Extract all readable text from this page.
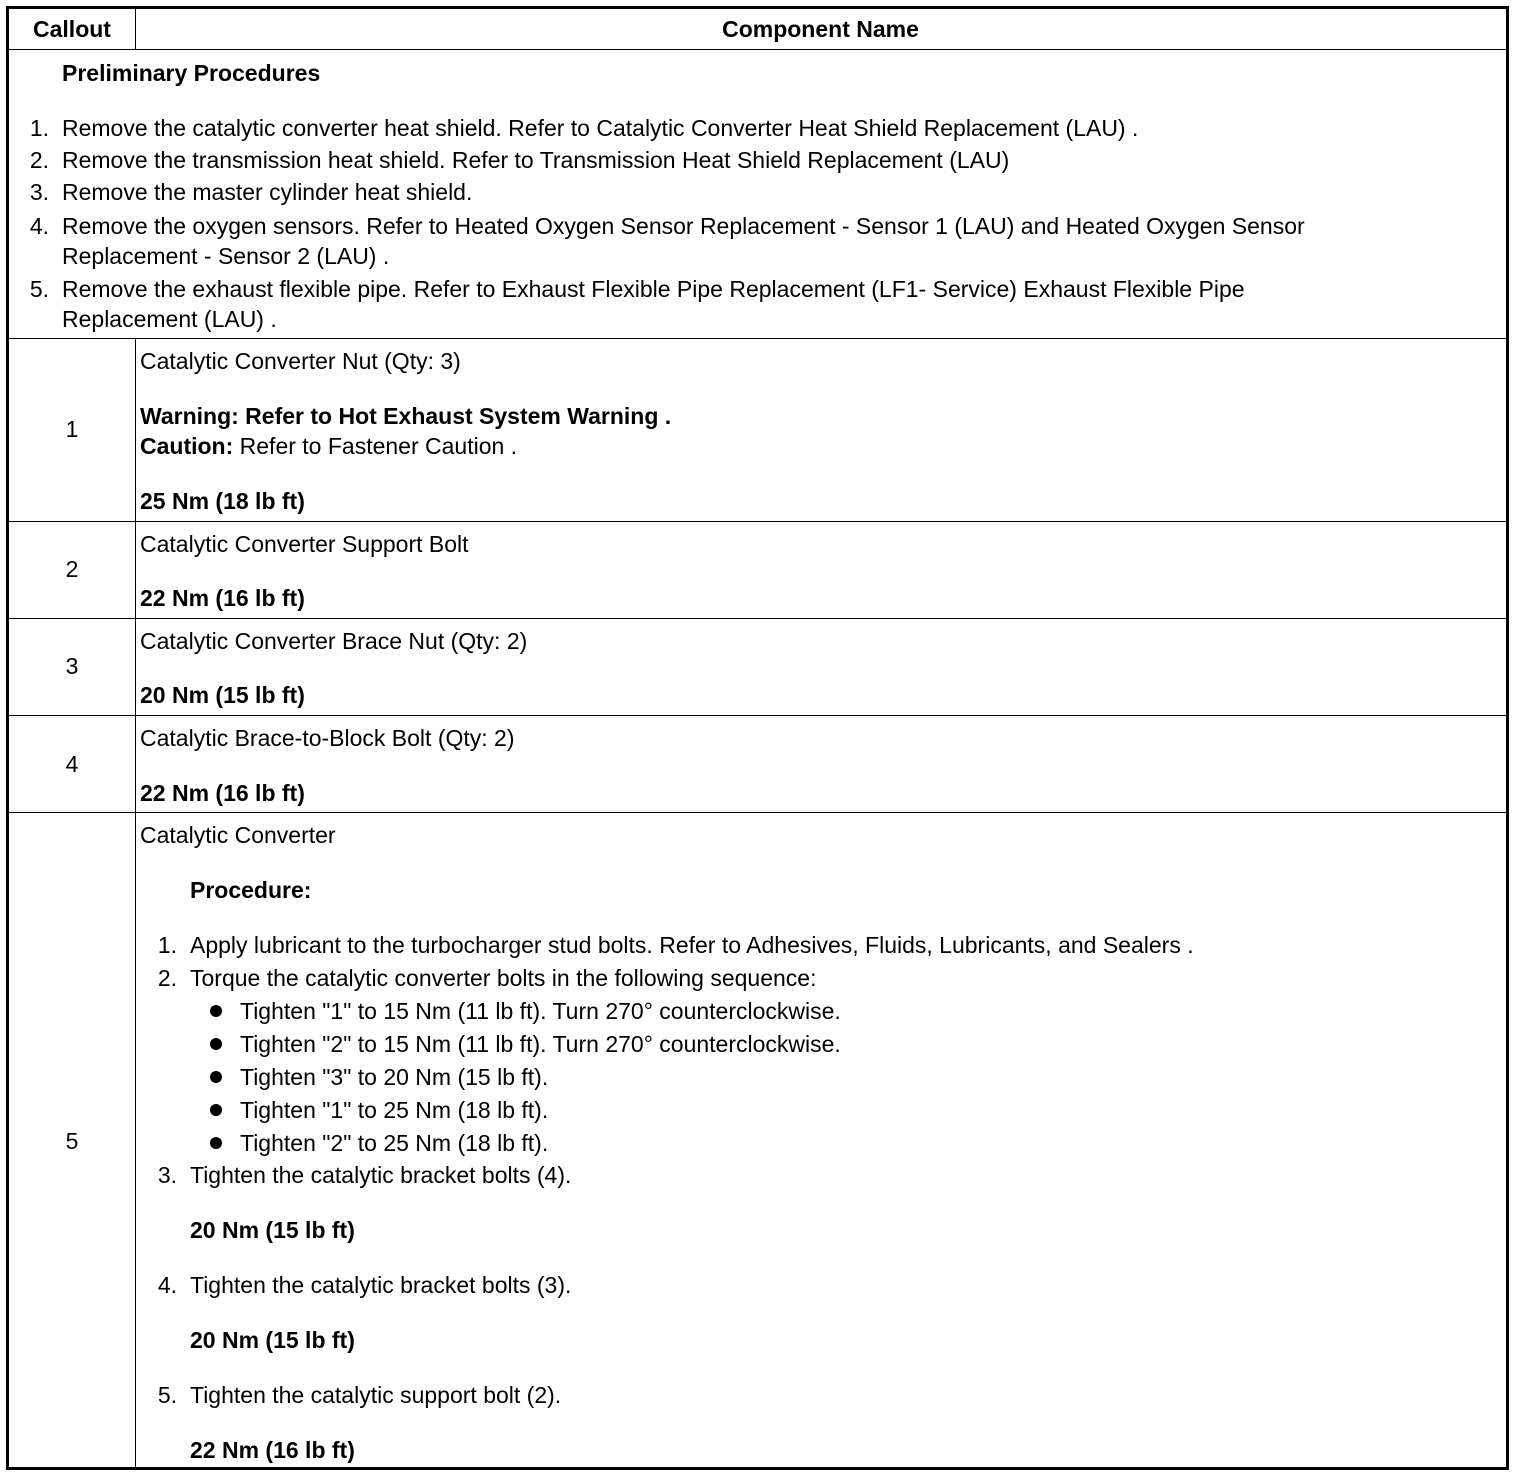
Callout	Component Name
Preliminary Procedures
1. Remove the catalytic converter heat shield. Refer to Catalytic Converter Heat Shield Replacement (LAU) .
2. Remove the transmission heat shield. Refer to Transmission Heat Shield Replacement (LAU)
3. Remove the master cylinder heat shield.
4. Remove the oxygen sensors. Refer to Heated Oxygen Sensor Replacement - Sensor 1 (LAU) and Heated Oxygen Sensor
Replacement - Sensor 2 (LAU) .
5. Remove the exhaust flexible pipe. Refer to Exhaust Flexible Pipe Replacement (LF1- Service) Exhaust Flexible Pipe
Replacement (LAU) .
1
Catalytic Converter Nut (Qty: 3)
Warning: Refer to Hot Exhaust System Warning .
Caution: Refer to Fastener Caution .
25 Nm (18 lb ft)
2
Catalytic Converter Support Bolt
22 Nm (16 lb ft)
3
Catalytic Converter Brace Nut (Qty: 2)
20 Nm (15 lb ft)
4
Catalytic Brace-to-Block Bolt (Qty: 2)
22 Nm (16 lb ft)
5
Catalytic Converter
Procedure:
1. Apply lubricant to the turbocharger stud bolts. Refer to Adhesives, Fluids, Lubricants, and Sealers .
2. Torque the catalytic converter bolts in the following sequence:
Tighten "1" to 15 Nm (11 lb ft). Turn 270° counterclockwise.
Tighten "2" to 15 Nm (11 lb ft). Turn 270° counterclockwise.
Tighten "3" to 20 Nm (15 lb ft).
Tighten "1" to 25 Nm (18 lb ft).
Tighten "2" to 25 Nm (18 lb ft).
3. Tighten the catalytic bracket bolts (4).
20 Nm (15 lb ft)
4. Tighten the catalytic bracket bolts (3).
20 Nm (15 lb ft)
5. Tighten the catalytic support bolt (2).
22 Nm (16 lb ft)
